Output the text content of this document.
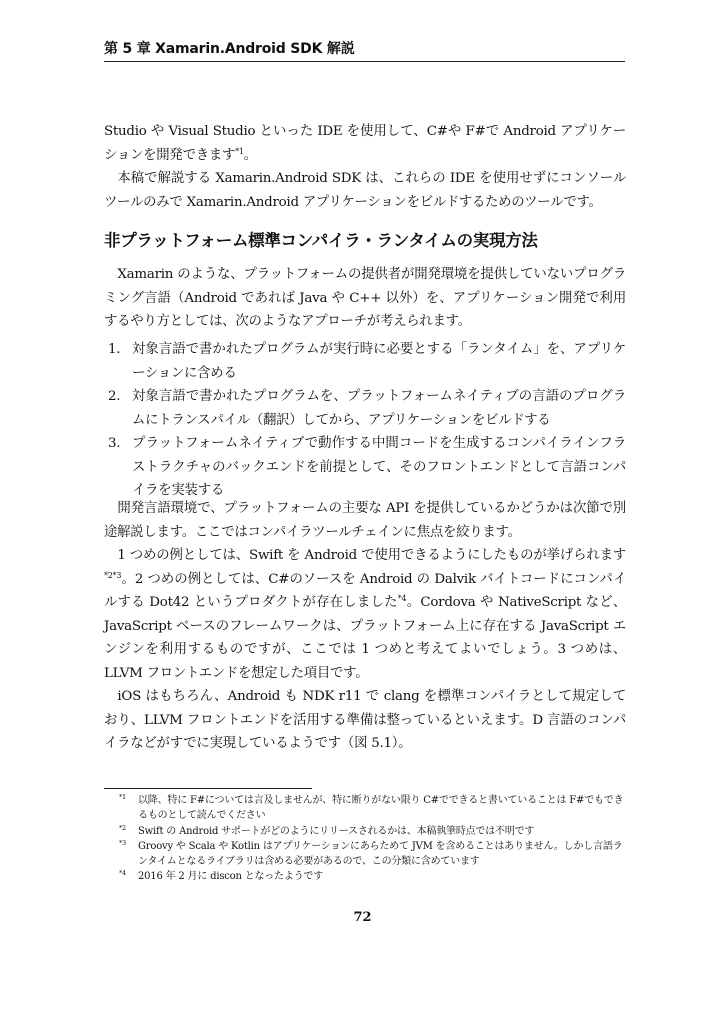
第 5 章 Xamarin.Android SDK 解説

Studio や Visual Studio といった IDE を使用して、C#や F#で Android アプリケーションを開発できます$^{*1}$。

本稿で解説する Xamarin.Android SDK は、これらの IDE を使用せずにコンソールツールのみで Xamarin.Android アプリケーションをビルドするためのツールです。

非プラットフォーム標準コンパイラ・ランタイムの実現方法

Xamarin のような、プラットフォームの提供者が開発環境を提供していないプログラミング言語（Android であれば Java や C++ 以外）を、アプリケーション開発で利用するやり方としては、次のようなアプローチが考えられます。

1. 対象言語で書かれたプログラムが実行時に必要とする「ランタイム」を、アプリケーションに含める
2. 対象言語で書かれたプログラムを、プラットフォームネイティブの言語のプログラムにトランスパイル（翻訳）してから、アプリケーションをビルドする
3. プラットフォームネイティブで動作する中間コードを生成するコンパイラインフラストラクチャのバックエンドを前提として、そのフロントエンドとして言語コンパイラを実装する

開発言語環境で、プラットフォームの主要な API を提供しているかどうかは次節で別途解説します。ここではコンパイラツールチェインに焦点を絞ります。

1 つめの例としては、Swift を Android で使用できるようにしたものが挙げられます$^{*2*3}$。2 つめの例としては、C#のソースを Android の Dalvik バイトコードにコンパイルする Dot42 というプロダクトが存在しました$^{*4}$。Cordova や NativeScript など、JavaScript ベースのフレームワークは、プラットフォーム上に存在する JavaScript エンジンを利用するものですが、ここでは 1 つめと考えてよいでしょう。3 つめは、LLVM フロントエンドを想定した項目です。

iOS はもちろん、Android も NDK r11 で clang を標準コンパイラとして規定しており、LLVM フロントエンドを活用する準備は整っているといえます。D 言語のコンパイラなどがすでに実現しているようです（図 5.1）。

$^{*1}$ 以降、特に F#については言及しませんが、特に断りがない限り C#でできると書いていることは F#でもできるものとして読んでください

$^{*2}$ Swift の Android サポートがどのようにリリースされるかは、本稿執筆時点では不明です

$^{*3}$ Groovy や Scala や Kotlin はアプリケーションにあらためて JVM を含めることはありません。しかし言語ランタイムとなるライブラリは含める必要があるので、この分類に含めています

$^{*4}$ 2016 年 2 月に discon となったようです

72
